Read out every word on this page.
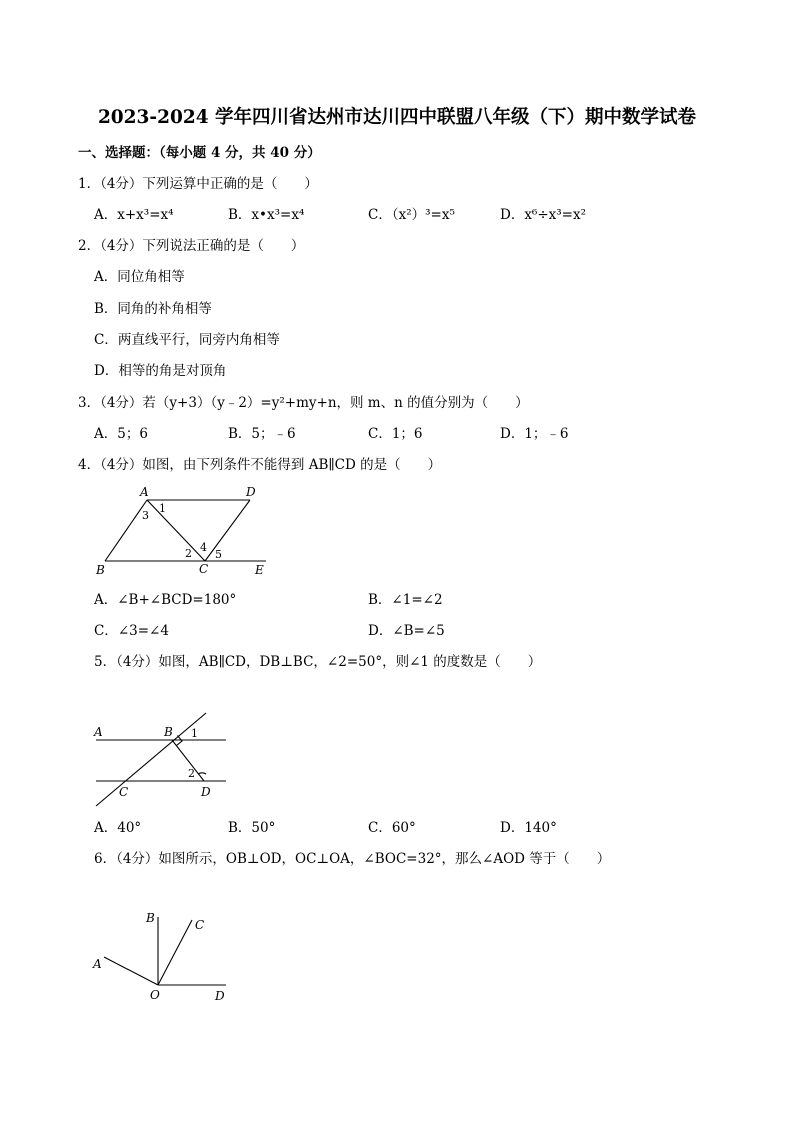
2023-2024 学年四川省达州市达川四中联盟八年级（下）期中数学试卷
一、选择题：（每小题 4 分，共 40 分）
1．（4分）下列运算中正确的是（　　）
A．x+x³=x⁴	B．x•x³=x⁴	C．（x²）³=x⁵	D．x⁶÷x³=x²
2．（4分）下列说法正确的是（　　）
A．同位角相等
B．同角的补角相等
C．两直线平行，同旁内角相等
D．相等的角是对顶角
3．（4分）若（y+3）（y﹣2）=y²+my+n，则 m、n 的值分别为（　　）
A．5；6	B．5；﹣6	C．1；6	D．1；﹣6
4．（4分）如图，由下列条件不能得到 AB∥CD 的是（　　）
A	D
B	C	E
1
2
3
4
5
A．∠B+∠BCD=180°	B．∠1=∠2
C．∠3=∠4	D．∠B=∠5
5．（4分）如图，AB∥CD，DB⊥BC，∠2=50°，则∠1 的度数是（　　）
A	B
C	D
1
2
A．40°	B．50°	C．60°	D．140°
6．（4分）如图所示，OB⊥OD，OC⊥OA，∠BOC=32°，那么∠AOD 等于（　　）
B	C
A
O	D
